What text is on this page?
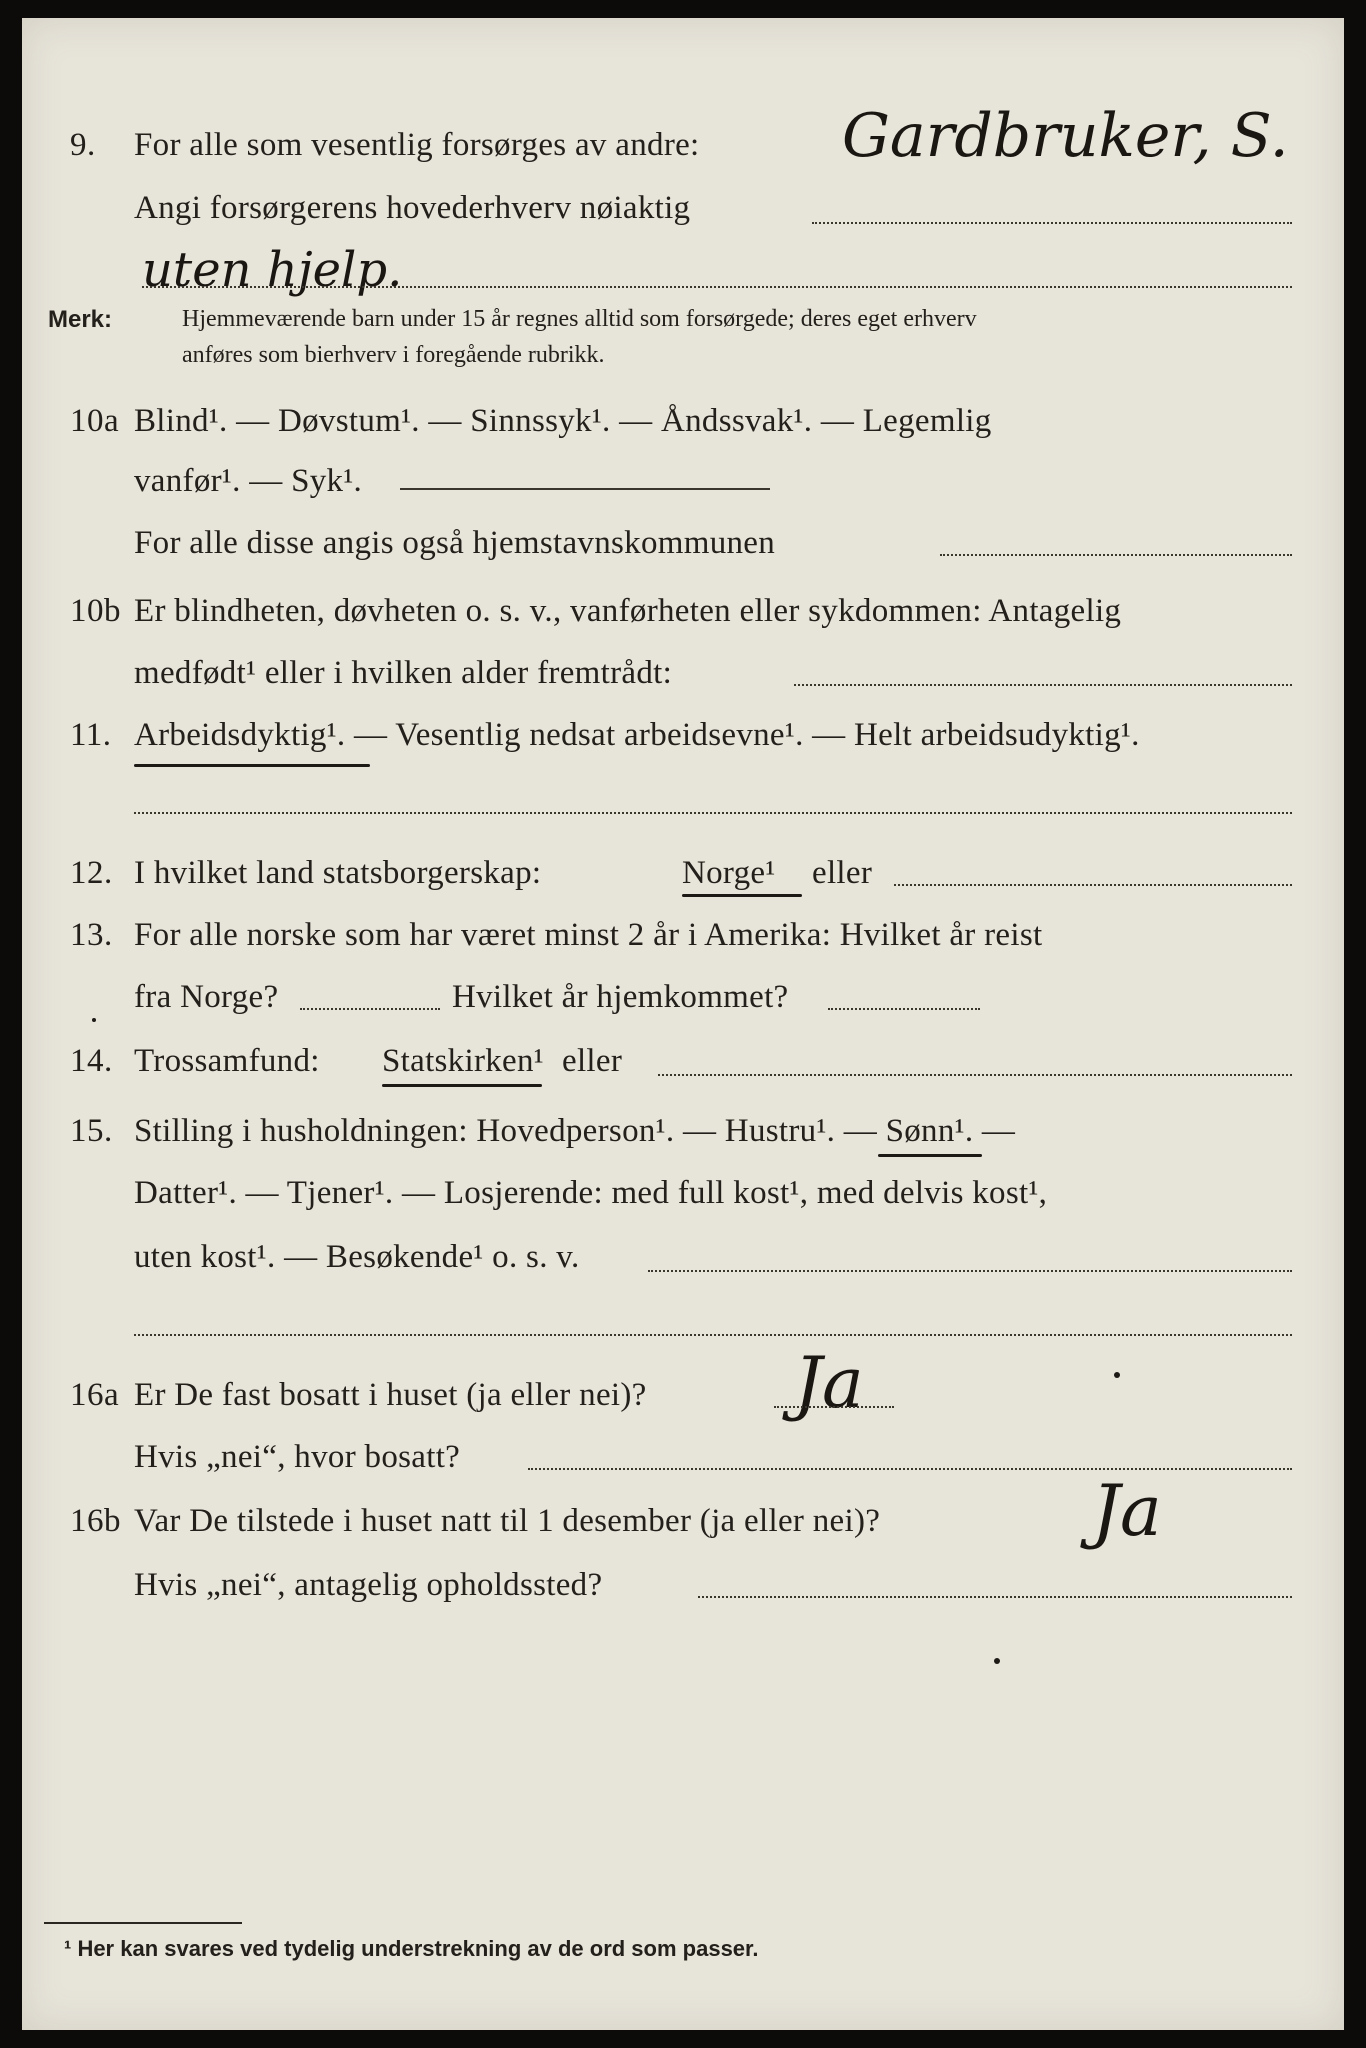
9. For alle som vesentlig forsørges av andre: Gardbruker, S.
Angi forsørgerens hovederhverv nøiaktig
uten hjelp.
Merk:	Hjemmeværende barn under 15 år regnes alltid som forsørgede; deres eget erhverv
anføres som bierhverv i foregående rubrikk.
10a Blind¹. — Døvstum¹. — Sinnssyk¹. — Åndssvak¹. — Legemlig
vanfør¹. — Syk¹.
For alle disse angis også hjemstavnskommunen
10b Er blindheten, døvheten o. s. v., vanførheten eller sykdommen: Antagelig
medfødt¹ eller i hvilken alder fremtrådt:
11. Arbeidsdyktig¹. — Vesentlig nedsat arbeidsevne¹. — Helt arbeidsudyktig¹.
12. I hvilket land statsborgerskap:	Norge¹ eller
13. For alle norske som har været minst 2 år i Amerika: Hvilket år reist
fra Norge?	Hvilket år hjemkommet?
14. Trossamfund: Statskirken¹ eller
15. Stilling i husholdningen: Hovedperson¹. — Hustru¹. — Sønn¹. —
Datter¹. — Tjener¹. — Losjerende: med full kost¹, med delvis kost¹,
uten kost¹. — Besøkende¹ o. s. v.
16a Er De fast bosatt i huset (ja eller nei)? Ja
Hvis „nei“, hvor bosatt?
16b Var De tilstede i huset natt til 1 desember (ja eller nei)?	Ja
Hvis „nei“, antagelig opholdssted?
¹ Her kan svares ved tydelig understrekning av de ord som passer.
